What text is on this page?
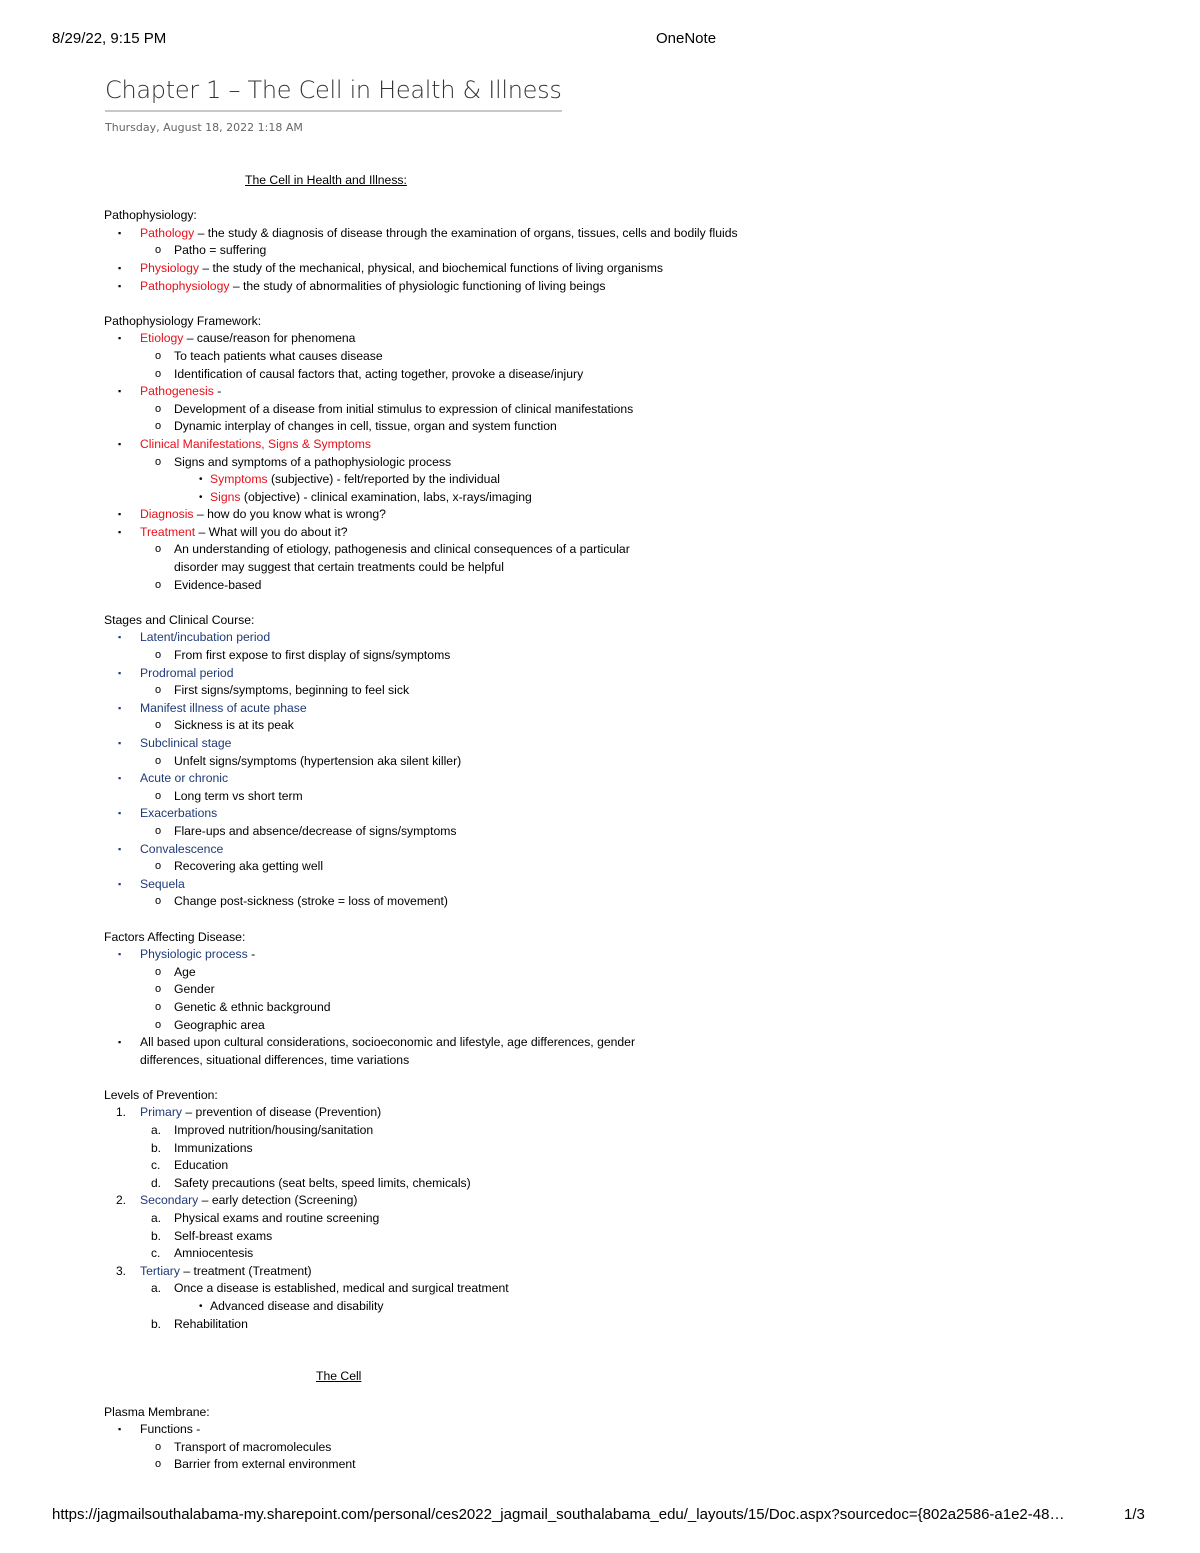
8/29/22, 9:15 PM	OneNote
Chapter 1 – The Cell in Health & Illness
Thursday, August 18, 2022 1:18 AM
The Cell in Health and Illness:
Pathophysiology:
▪ Pathology – the study & diagnosis of disease through the examination of organs, tissues, cells and bodily fluids
o Patho = suffering
▪ Physiology – the study of the mechanical, physical, and biochemical functions of living organisms
▪ Pathophysiology – the study of abnormalities of physiologic functioning of living beings
Pathophysiology Framework:
▪ Etiology – cause/reason for phenomena
o To teach patients what causes disease
o Identification of causal factors that, acting together, provoke a disease/injury
▪ Pathogenesis -
o Development of a disease from initial stimulus to expression of clinical manifestations
o Dynamic interplay of changes in cell, tissue, organ and system function
▪ Clinical Manifestations, Signs & Symptoms
o Signs and symptoms of a pathophysiologic process
• Symptoms (subjective) - felt/reported by the individual
• Signs (objective) - clinical examination, labs, x-rays/imaging
▪ Diagnosis – how do you know what is wrong?
▪ Treatment – What will you do about it?
o An understanding of etiology, pathogenesis and clinical consequences of a particular disorder may suggest that certain treatments could be helpful
o Evidence-based
Stages and Clinical Course:
▪ Latent/incubation period
o From first expose to first display of signs/symptoms
▪ Prodromal period
o First signs/symptoms, beginning to feel sick
▪ Manifest illness of acute phase
o Sickness is at its peak
▪ Subclinical stage
o Unfelt signs/symptoms (hypertension aka silent killer)
▪ Acute or chronic
o Long term vs short term
▪ Exacerbations
o Flare-ups and absence/decrease of signs/symptoms
▪ Convalescence
o Recovering aka getting well
▪ Sequela
o Change post-sickness (stroke = loss of movement)
Factors Affecting Disease:
▪ Physiologic process -
o Age
o Gender
o Genetic & ethnic background
o Geographic area
▪ All based upon cultural considerations, socioeconomic and lifestyle, age differences, gender differences, situational differences, time variations
Levels of Prevention:
1. Primary – prevention of disease (Prevention)
a. Improved nutrition/housing/sanitation
b. Immunizations
c. Education
d. Safety precautions (seat belts, speed limits, chemicals)
2. Secondary – early detection (Screening)
a. Physical exams and routine screening
b. Self-breast exams
c. Amniocentesis
3. Tertiary – treatment (Treatment)
a. Once a disease is established, medical and surgical treatment
• Advanced disease and disability
b. Rehabilitation
The Cell
Plasma Membrane:
▪ Functions -
o Transport of macromolecules
o Barrier from external environment
https://jagmailsouthalabama-my.sharepoint.com/personal/ces2022_jagmail_southalabama_edu/_layouts/15/Doc.aspx?sourcedoc={802a2586-a1e2-48…	1/3
